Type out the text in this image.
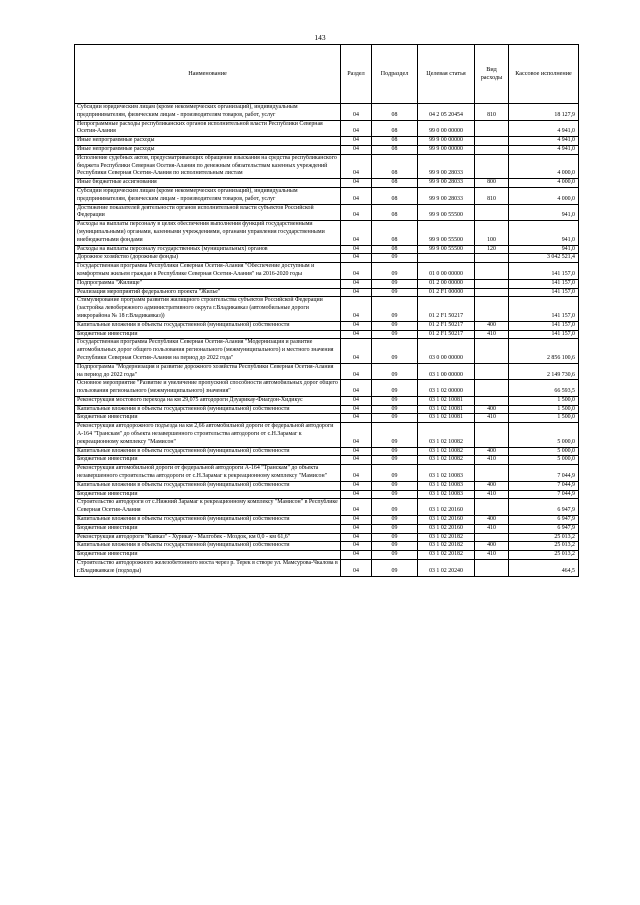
143
Наименование	Раздел	Подраздел	Целевая статья	Вид расходы	Кассовое исполнение
Субсидии юридическим лицам (кроме некоммерческих организаций), индивидуальным предпринимателям, физическим лицам - производителям товаров, работ, услуг	04	08	04 2 05 20454	810	18 127,9
Непрограммные расходы республиканских органов исполнительной власти Республики Северная Осетия-Алания	04	08	99 0 00 00000		4 941,0
Иные непрограммные расходы	04	08	99 9 00 00000		4 941,0
Иные непрограммные расходы	04	08	99 9 00 00000		4 941,0
Исполнение судебных актов, предусматривающих обращение взыскания на средства республиканского бюджета Республики Северная Осетия-Алания по денежным обязательствам казенных учреждений Республики Северная Осетия-Алания по исполнительным листам	04	08	99 9 00 28033		4 000,0
Иные бюджетные ассигнования	04	08	99 9 00 28033	800	4 000,0
Субсидии юридическим лицам (кроме некоммерческих организаций), индивидуальным предпринимателям, физическим лицам - производителям товаров, работ, услуг	04	08	99 9 00 28033	810	4 000,0
Достижение показателей деятельности органов исполнительной власти субъектов Российской Федерации	04	08	99 9 00 55500		941,0
Расходы на выплаты персоналу в целях обеспечения выполнения функций государственными (муниципальными) органами, казенными учреждениями, органами управления государственными внебюджетными фондами	04	08	99 9 00 55500	100	941,0
Расходы на выплаты персоналу государственных (муниципальных) органов	04	08	99 9 00 55500	120	941,0
Дорожное хозяйство (дорожные фонды)	04	09			3 042 521,4
Государственная программа Республики Северная Осетия-Алания "Обеспечение доступным и комфортным жильем граждан в Республике Северная Осетия-Алания" на 2016-2020 годы	04	09	01 0 00 00000		141 157,0
Подпрограмма "Жилище"	04	09	01 2 00 00000		141 157,0
Реализация мероприятий федерального проекта "Жилье"	04	09	01 2 F1 00000		141 157,0
Стимулирование программ развития жилищного строительства субъектов Российской Федерации (застройка левобережного административного округа г.Владикавказ (автомобильные дороги микрорайона № 18 г.Владикавказ))	04	09	01 2 F1 50217		141 157,0
Капитальные вложения в объекты государственной (муниципальной) собственности	04	09	01 2 F1 50217	400	141 157,0
Бюджетные инвестиции	04	09	01 2 F1 50217	410	141 157,0
Государственная программа Республики Северная Осетия-Алания "Модернизация и развитие автомобильных дорог общего пользования регионального (межмуниципального) и местного значения Республики Северная Осетия-Алания на период до 2022 года"	04	09	03 0 00 00000		2 856 100,6
Подпрограмма "Модернизация и развитие дорожного хозяйства Республики Северная Осетия-Алания на период до 2022 года"	04	09	03 1 00 00000		2 149 730,6
Основное мероприятие "Развитие и увеличение пропускной способности автомобильных дорог общего пользования регионального (межмуниципального) значения"	04	09	03 1 02 00000		66 593,5
Реконструкция мостового перехода на км 29,075 автодороги Дзуарикау-Фиагдон-Хидикус	04	09	03 1 02 10081		1 500,0
Капитальные вложения в объекты государственной (муниципальной) собственности	04	09	03 1 02 10081	400	1 500,0
Бюджетные инвестиции	04	09	03 1 02 10081	410	1 500,0
Реконструкция автодорожного подъезда на км 2,66 автомобильной дороги от федеральной автодороги А-164 "Транскам" до объекта незавершенного строительства автодороги от с.Н.Зарамаг к рекреационному комплексу "Мамисон"	04	09	03 1 02 10082		5 000,0
Капитальные вложения в объекты государственной (муниципальной) собственности	04	09	03 1 02 10082	400	5 000,0
Бюджетные инвестиции	04	09	03 1 02 10082	410	5 000,0
Реконструкция автомобильной дороги от федеральной автодороги А-164 "Транскам" до объекта незавершенного строительства автодороги от с.Н.Зарамаг к рекреационному комплексу "Мамисон"	04	09	03 1 02 10083		7 044,9
Капитальные вложения в объекты государственной (муниципальной) собственности	04	09	03 1 02 10083	400	7 044,9
Бюджетные инвестиции	04	09	03 1 02 10083	410	7 044,9
Строительство автодороги от с.Нижний Зарамаг к рекреационному комплексу "Мамисон" в Республике Северная Осетия-Алания	04	09	03 1 02 20160		6 947,9
Капитальные вложения в объекты государственной (муниципальной) собственности	04	09	03 1 02 20160	400	6 947,9
Бюджетные инвестиции	04	09	03 1 02 20160	410	6 947,9
Реконструкция автодороги "Кавказ" - Хурикау - Малгобек - Моздок, км 0,0 - км 61,6"	04	09	03 1 02 20182		25 013,2
Капитальные вложения в объекты государственной (муниципальной) собственности	04	09	03 1 02 20182	400	25 013,2
Бюджетные инвестиции	04	09	03 1 02 20182	410	25 013,2
Строительство автодорожного железобетонного моста через р. Терек в створе ул. Мамсурова-Чкалова в г.Владикавказе (подходы)	04	09	03 1 02 20240		464,5
